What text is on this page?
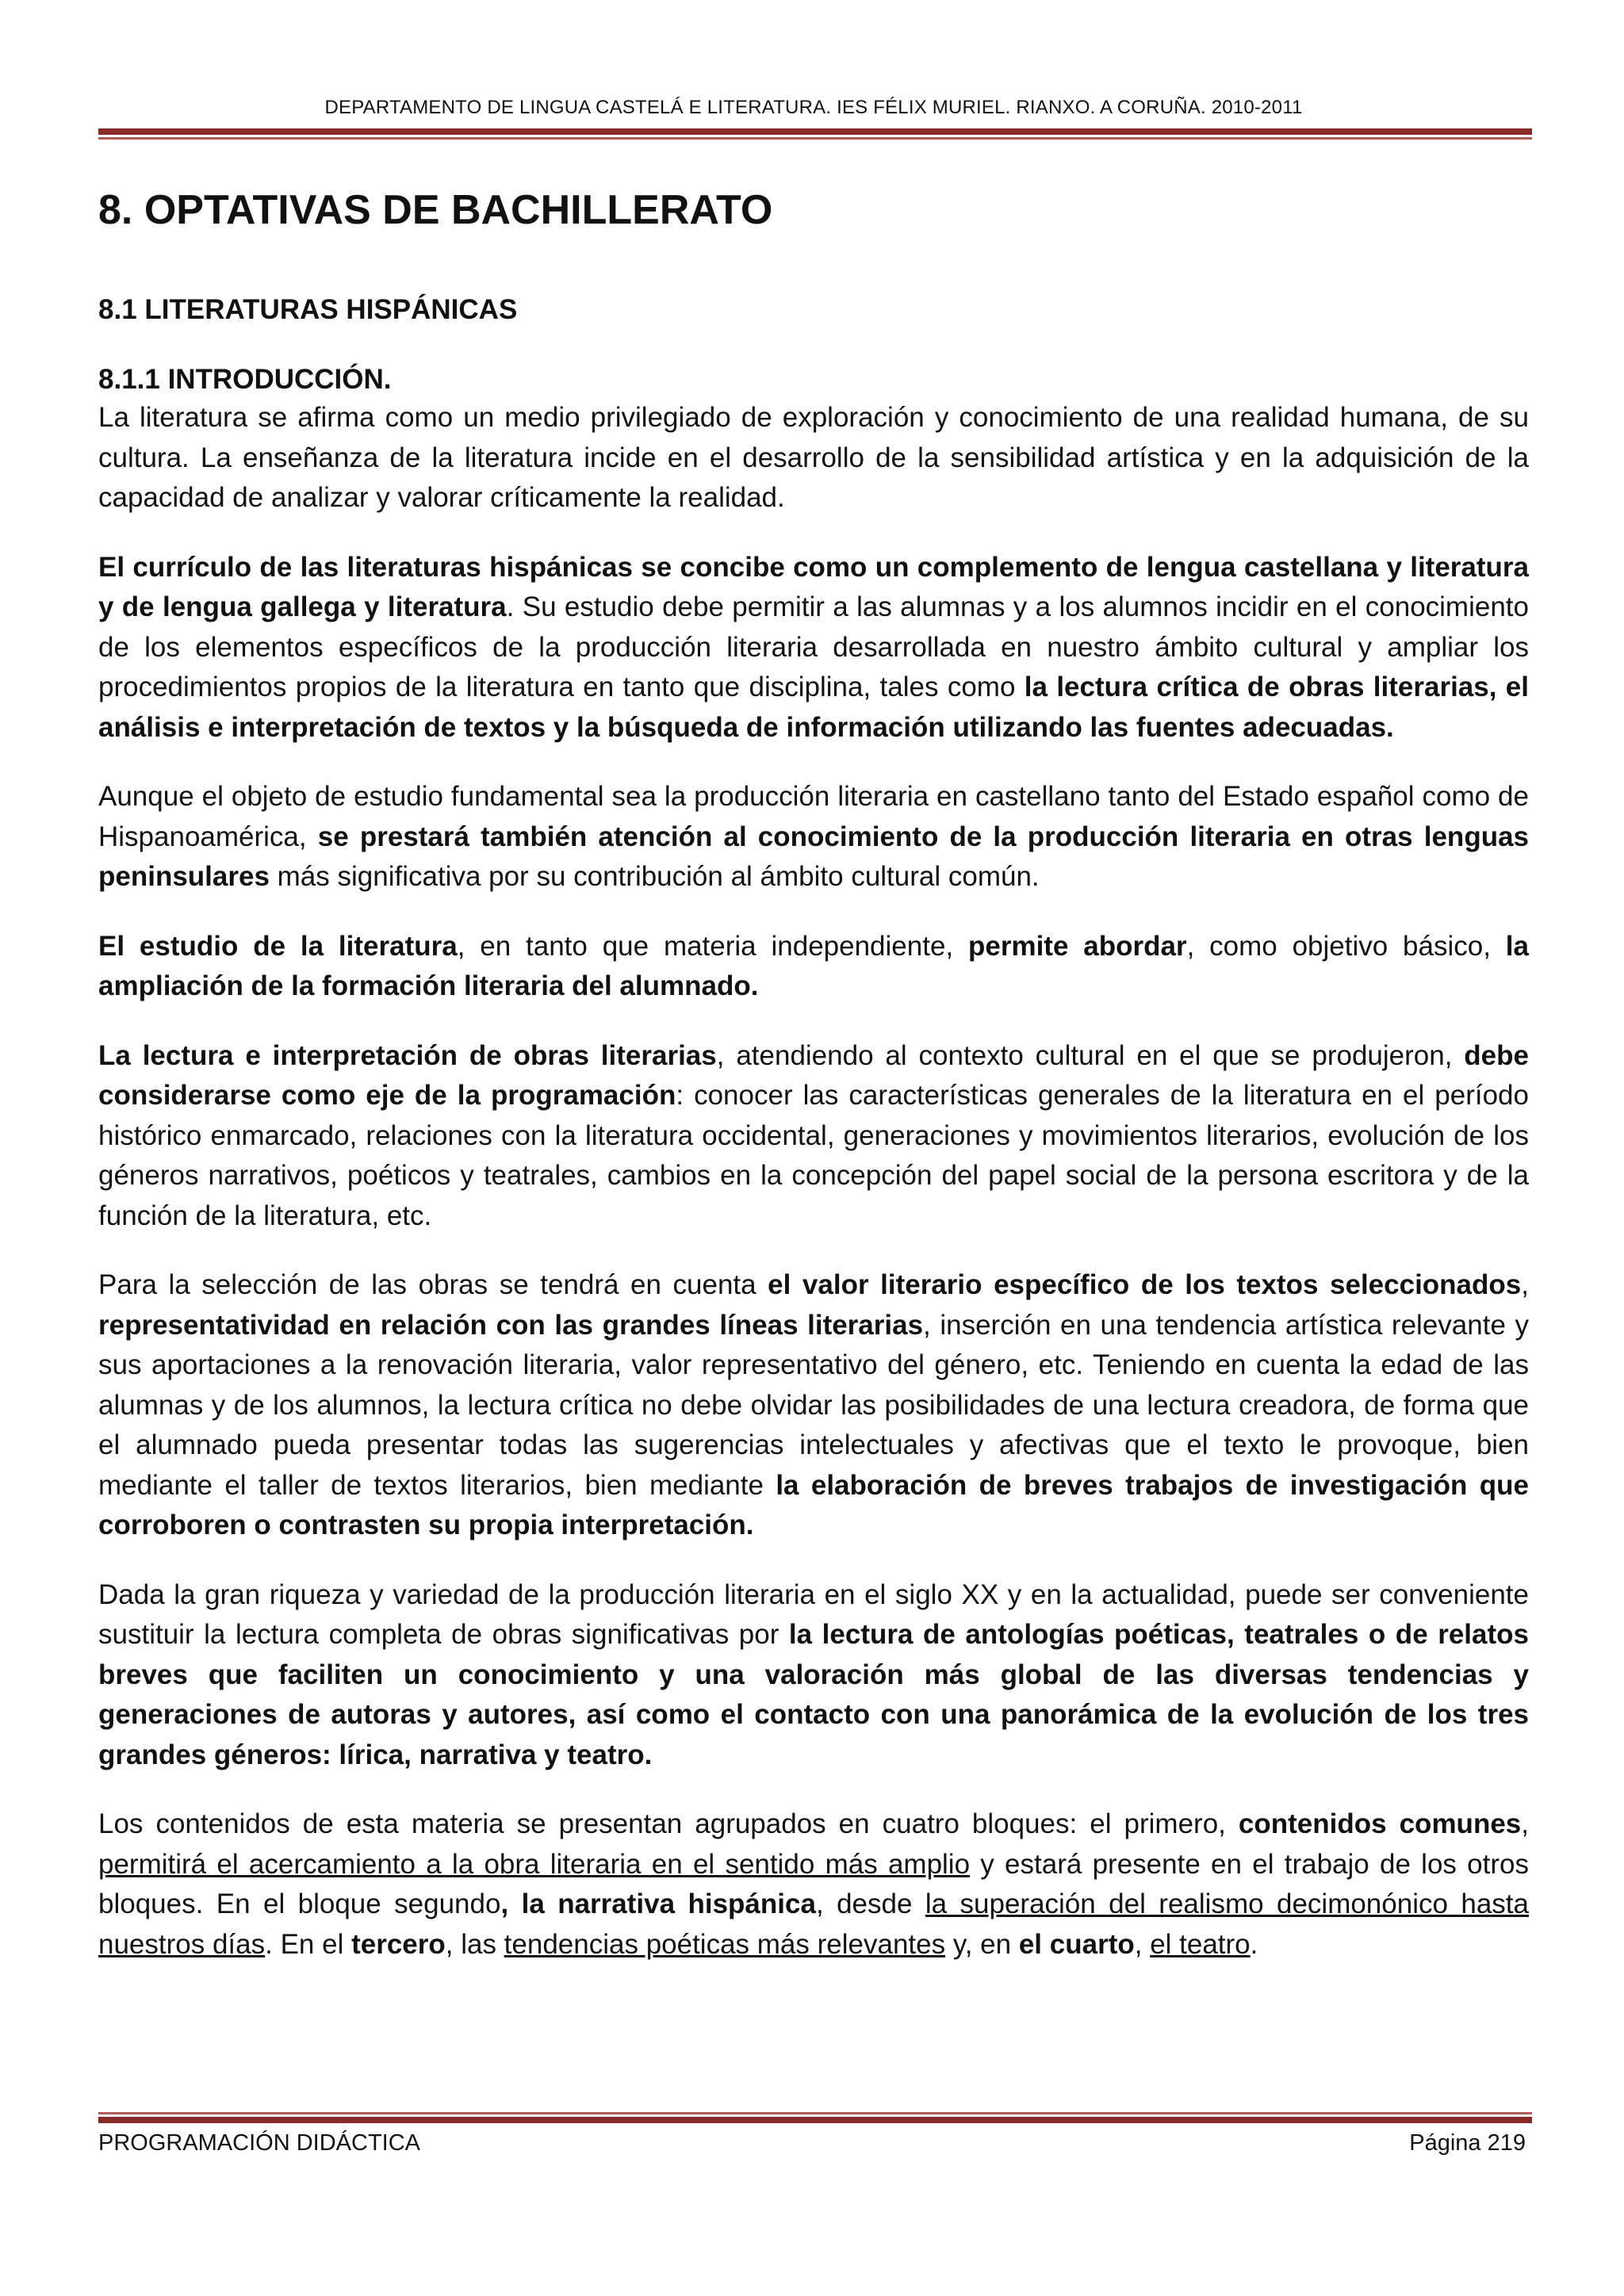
DEPARTAMENTO DE LINGUA CASTELÁ E LITERATURA. IES FÉLIX MURIEL. RIANXO. A CORUÑA. 2010-2011
8. OPTATIVAS DE BACHILLERATO
8.1 LITERATURAS HISPÁNICAS
8.1.1 INTRODUCCIÓN.

La literatura se afirma como un medio privilegiado de exploración y conocimiento de una realidad humana, de su cultura. La enseñanza de la literatura incide en el desarrollo de la sensibilidad artística y en la adquisición de la capacidad de analizar y valorar críticamente la realidad.

El currículo de las literaturas hispánicas se concibe como un complemento de lengua castellana y literatura y de lengua gallega y literatura. Su estudio debe permitir a las alumnas y a los alumnos incidir en el conocimiento de los elementos específicos de la producción literaria desarrollada en nuestro ámbito cultural y ampliar los procedimientos propios de la literatura en tanto que disciplina, tales como la lectura crítica de obras literarias, el análisis e interpretación de textos y la búsqueda de información utilizando las fuentes adecuadas.

Aunque el objeto de estudio fundamental sea la producción literaria en castellano tanto del Estado español como de Hispanoamérica, se prestará también atención al conocimiento de la producción literaria en otras lenguas peninsulares más significativa por su contribución al ámbito cultural común.

El estudio de la literatura, en tanto que materia independiente, permite abordar, como objetivo básico, la ampliación de la formación literaria del alumnado.

La lectura e interpretación de obras literarias, atendiendo al contexto cultural en el que se produjeron, debe considerarse como eje de la programación: conocer las características generales de la literatura en el período histórico enmarcado, relaciones con la literatura occidental, generaciones y movimientos literarios, evolución de los géneros narrativos, poéticos y teatrales, cambios en la concepción del papel social de la persona escritora y de la función de la literatura, etc.

Para la selección de las obras se tendrá en cuenta el valor literario específico de los textos seleccionados, representatividad en relación con las grandes líneas literarias, inserción en una tendencia artística relevante y sus aportaciones a la renovación literaria, valor representativo del género, etc. Teniendo en cuenta la edad de las alumnas y de los alumnos, la lectura crítica no debe olvidar las posibilidades de una lectura creadora, de forma que el alumnado pueda presentar todas las sugerencias intelectuales y afectivas que el texto le provoque, bien mediante el taller de textos literarios, bien mediante la elaboración de breves trabajos de investigación que corroboren o contrasten su propia interpretación.

Dada la gran riqueza y variedad de la producción literaria en el siglo XX y en la actualidad, puede ser conveniente sustituir la lectura completa de obras significativas por la lectura de antologías poéticas, teatrales o de relatos breves que faciliten un conocimiento y una valoración más global de las diversas tendencias y generaciones de autoras y autores, así como el contacto con una panorámica de la evolución de los tres grandes géneros: lírica, narrativa y teatro.

Los contenidos de esta materia se presentan agrupados en cuatro bloques: el primero, contenidos comunes, permitirá el acercamiento a la obra literaria en el sentido más amplio y estará presente en el trabajo de los otros bloques. En el bloque segundo, la narrativa hispánica, desde la superación del realismo decimonónico hasta nuestros días. En el tercero, las tendencias poéticas más relevantes y, en el cuarto, el teatro.

PROGRAMACIÓN DIDÁCTICA	Página 219
